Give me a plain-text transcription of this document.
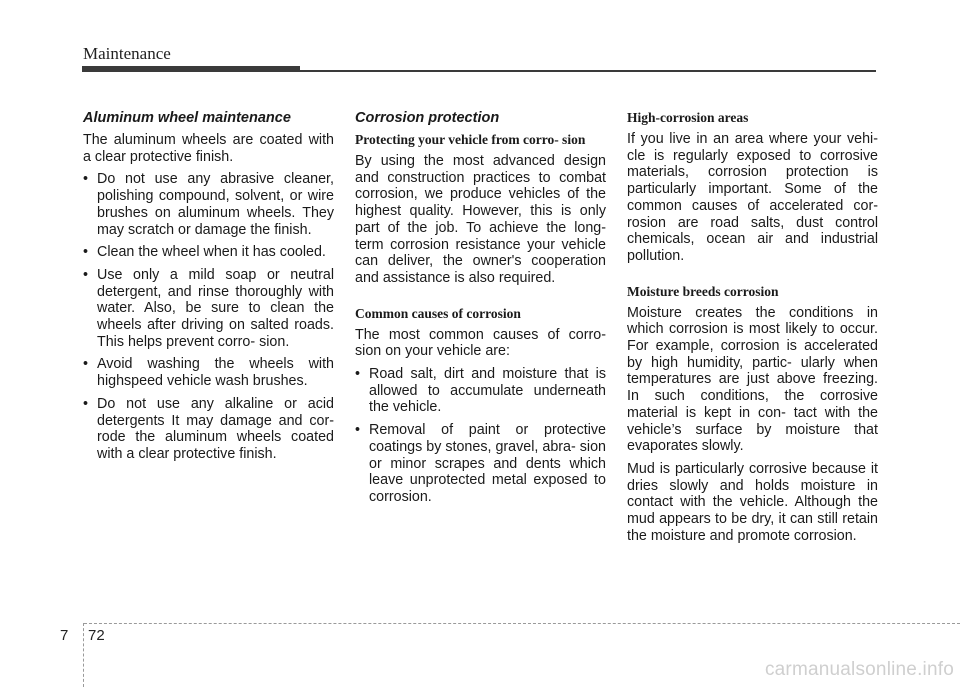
Maintenance
Aluminum wheel maintenance

The aluminum wheels are coated with a clear protective finish.

• Do not use any abrasive cleaner, polishing compound, solvent, or wire brushes on aluminum wheels. They may scratch or damage the finish.
• Clean the wheel when it has cooled.
• Use only a mild soap or neutral detergent, and rinse thoroughly with water. Also, be sure to clean the wheels after driving on salted roads. This helps prevent corro- sion.
• Avoid washing the wheels with highspeed vehicle wash brushes.
• Do not use any alkaline or acid detergents It may damage and cor- rode the aluminum wheels coated with a clear protective finish.
Corrosion protection
Protecting your vehicle from corro- sion

By using the most advanced design and construction practices to combat corrosion, we produce vehicles of the highest quality. However, this is only part of the job. To achieve the long-term corrosion resistance your vehicle can deliver, the owner's cooperation and assistance is also required.

Common causes of corrosion

The most common causes of corro- sion on your vehicle are:

• Road salt, dirt and moisture that is allowed to accumulate underneath the vehicle.
• Removal of paint or protective coatings by stones, gravel, abra- sion or minor scrapes and dents which leave unprotected metal exposed to corrosion.
High-corrosion areas

If you live in an area where your vehi- cle is regularly exposed to corrosive materials, corrosion protection is particularly important. Some of the common causes of accelerated cor- rosion are road salts, dust control chemicals, ocean air and industrial pollution.

Moisture breeds corrosion

Moisture creates the conditions in which corrosion is most likely to occur. For example, corrosion is accelerated by high humidity, partic- ularly when temperatures are just above freezing. In such conditions, the corrosive material is kept in con- tact with the vehicle’s surface by moisture that evaporates slowly.

Mud is particularly corrosive because it dries slowly and holds moisture in contact with the vehicle. Although the mud appears to be dry, it can still retain the moisture and promote corrosion.

7 72
carmanualsonline.info
